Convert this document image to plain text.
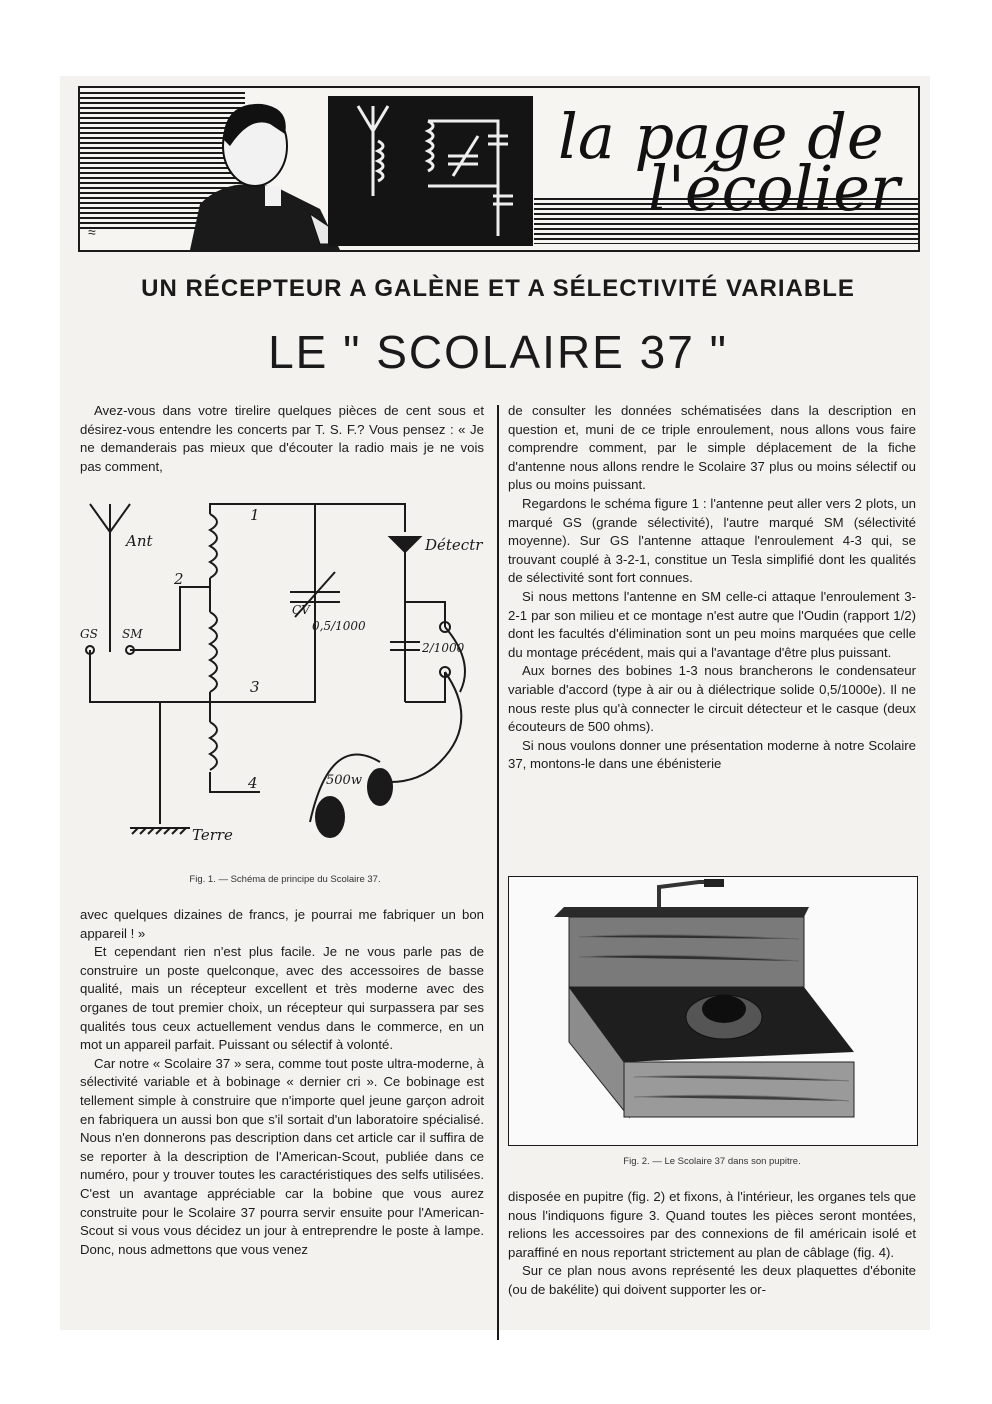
la page de
l'écolier
≈
UN RÉCEPTEUR A GALÈNE ET A SÉLECTIVITÉ VARIABLE
LE " SCOLAIRE 37 "

Avez-vous dans votre tirelire quelques pièces de cent sous et désirez-vous entendre les concerts par T. S. F.? Vous pensez : « Je ne demanderais pas mieux que d'écouter la radio mais je ne vois pas comment,

Ant
GS SM
1
2
3
4
Détectr
CV
0,5/1000
2/1000
500w
Terre
Fig. 1. — Schéma de principe du Scolaire 37.

avec quelques dizaines de francs, je pourrai me fabriquer un bon appareil ! »

Et cependant rien n'est plus facile. Je ne vous parle pas de construire un poste quelconque, avec des accessoires de basse qualité, mais un récepteur excellent et très moderne avec des organes de tout premier choix, un récepteur qui surpassera par ses qualités tous ceux actuellement vendus dans le commerce, en un mot un appareil parfait. Puissant ou sélectif à volonté.

Car notre « Scolaire 37 » sera, comme tout poste ultra-moderne, à sélectivité variable et à bobinage « dernier cri ». Ce bobinage est tellement simple à construire que n'importe quel jeune garçon adroit en fabriquera un aussi bon que s'il sortait d'un laboratoire spécialisé. Nous n'en donnerons pas description dans cet article car il suffira de se reporter à la description de l'American-Scout, publiée dans ce numéro, pour y trouver toutes les caractéristiques des selfs utilisées. C'est un avantage appréciable car la bobine que vous aurez construite pour le Scolaire 37 pourra servir ensuite pour l'American-Scout si vous vous décidez un jour à entreprendre le poste à lampe. Donc, nous admettons que vous venez

de consulter les données schématisées dans la description en question et, muni de ce triple enroulement, nous allons vous faire comprendre comment, par le simple déplacement de la fiche d'antenne nous allons rendre le Scolaire 37 plus ou moins sélectif ou plus ou moins puissant.

Regardons le schéma figure 1 : l'antenne peut aller vers 2 plots, un marqué GS (grande sélectivité), l'autre marqué SM (sélectivité moyenne). Sur GS l'antenne attaque l'enroulement 4-3 qui, se trouvant couplé à 3-2-1, constitue un Tesla simplifié dont les qualités de sélectivité sont fort connues.

Si nous mettons l'antenne en SM celle-ci attaque l'enroulement 3-2-1 par son milieu et ce montage n'est autre que l'Oudin (rapport 1/2) dont les facultés d'élimination sont un peu moins marquées que celle du montage précédent, mais qui a l'avantage d'être plus puissant.

Aux bornes des bobines 1-3 nous brancherons le condensateur variable d'accord (type à air ou à diélectrique solide 0,5/1000e). Il ne nous reste plus qu'à connecter le circuit détecteur et le casque (deux écouteurs de 500 ohms).

Si nous voulons donner une présentation moderne à notre Scolaire 37, montons-le dans une ébénisterie

Fig. 2. — Le Scolaire 37 dans son pupitre.

disposée en pupitre (fig. 2) et fixons, à l'intérieur, les organes tels que nous l'indiquons figure 3. Quand toutes les pièces seront montées, relions les accessoires par des connexions de fil américain isolé et paraffiné en nous reportant strictement au plan de câblage (fig. 4).

Sur ce plan nous avons représenté les deux plaquettes d'ébonite (ou de bakélite) qui doivent supporter les or-
